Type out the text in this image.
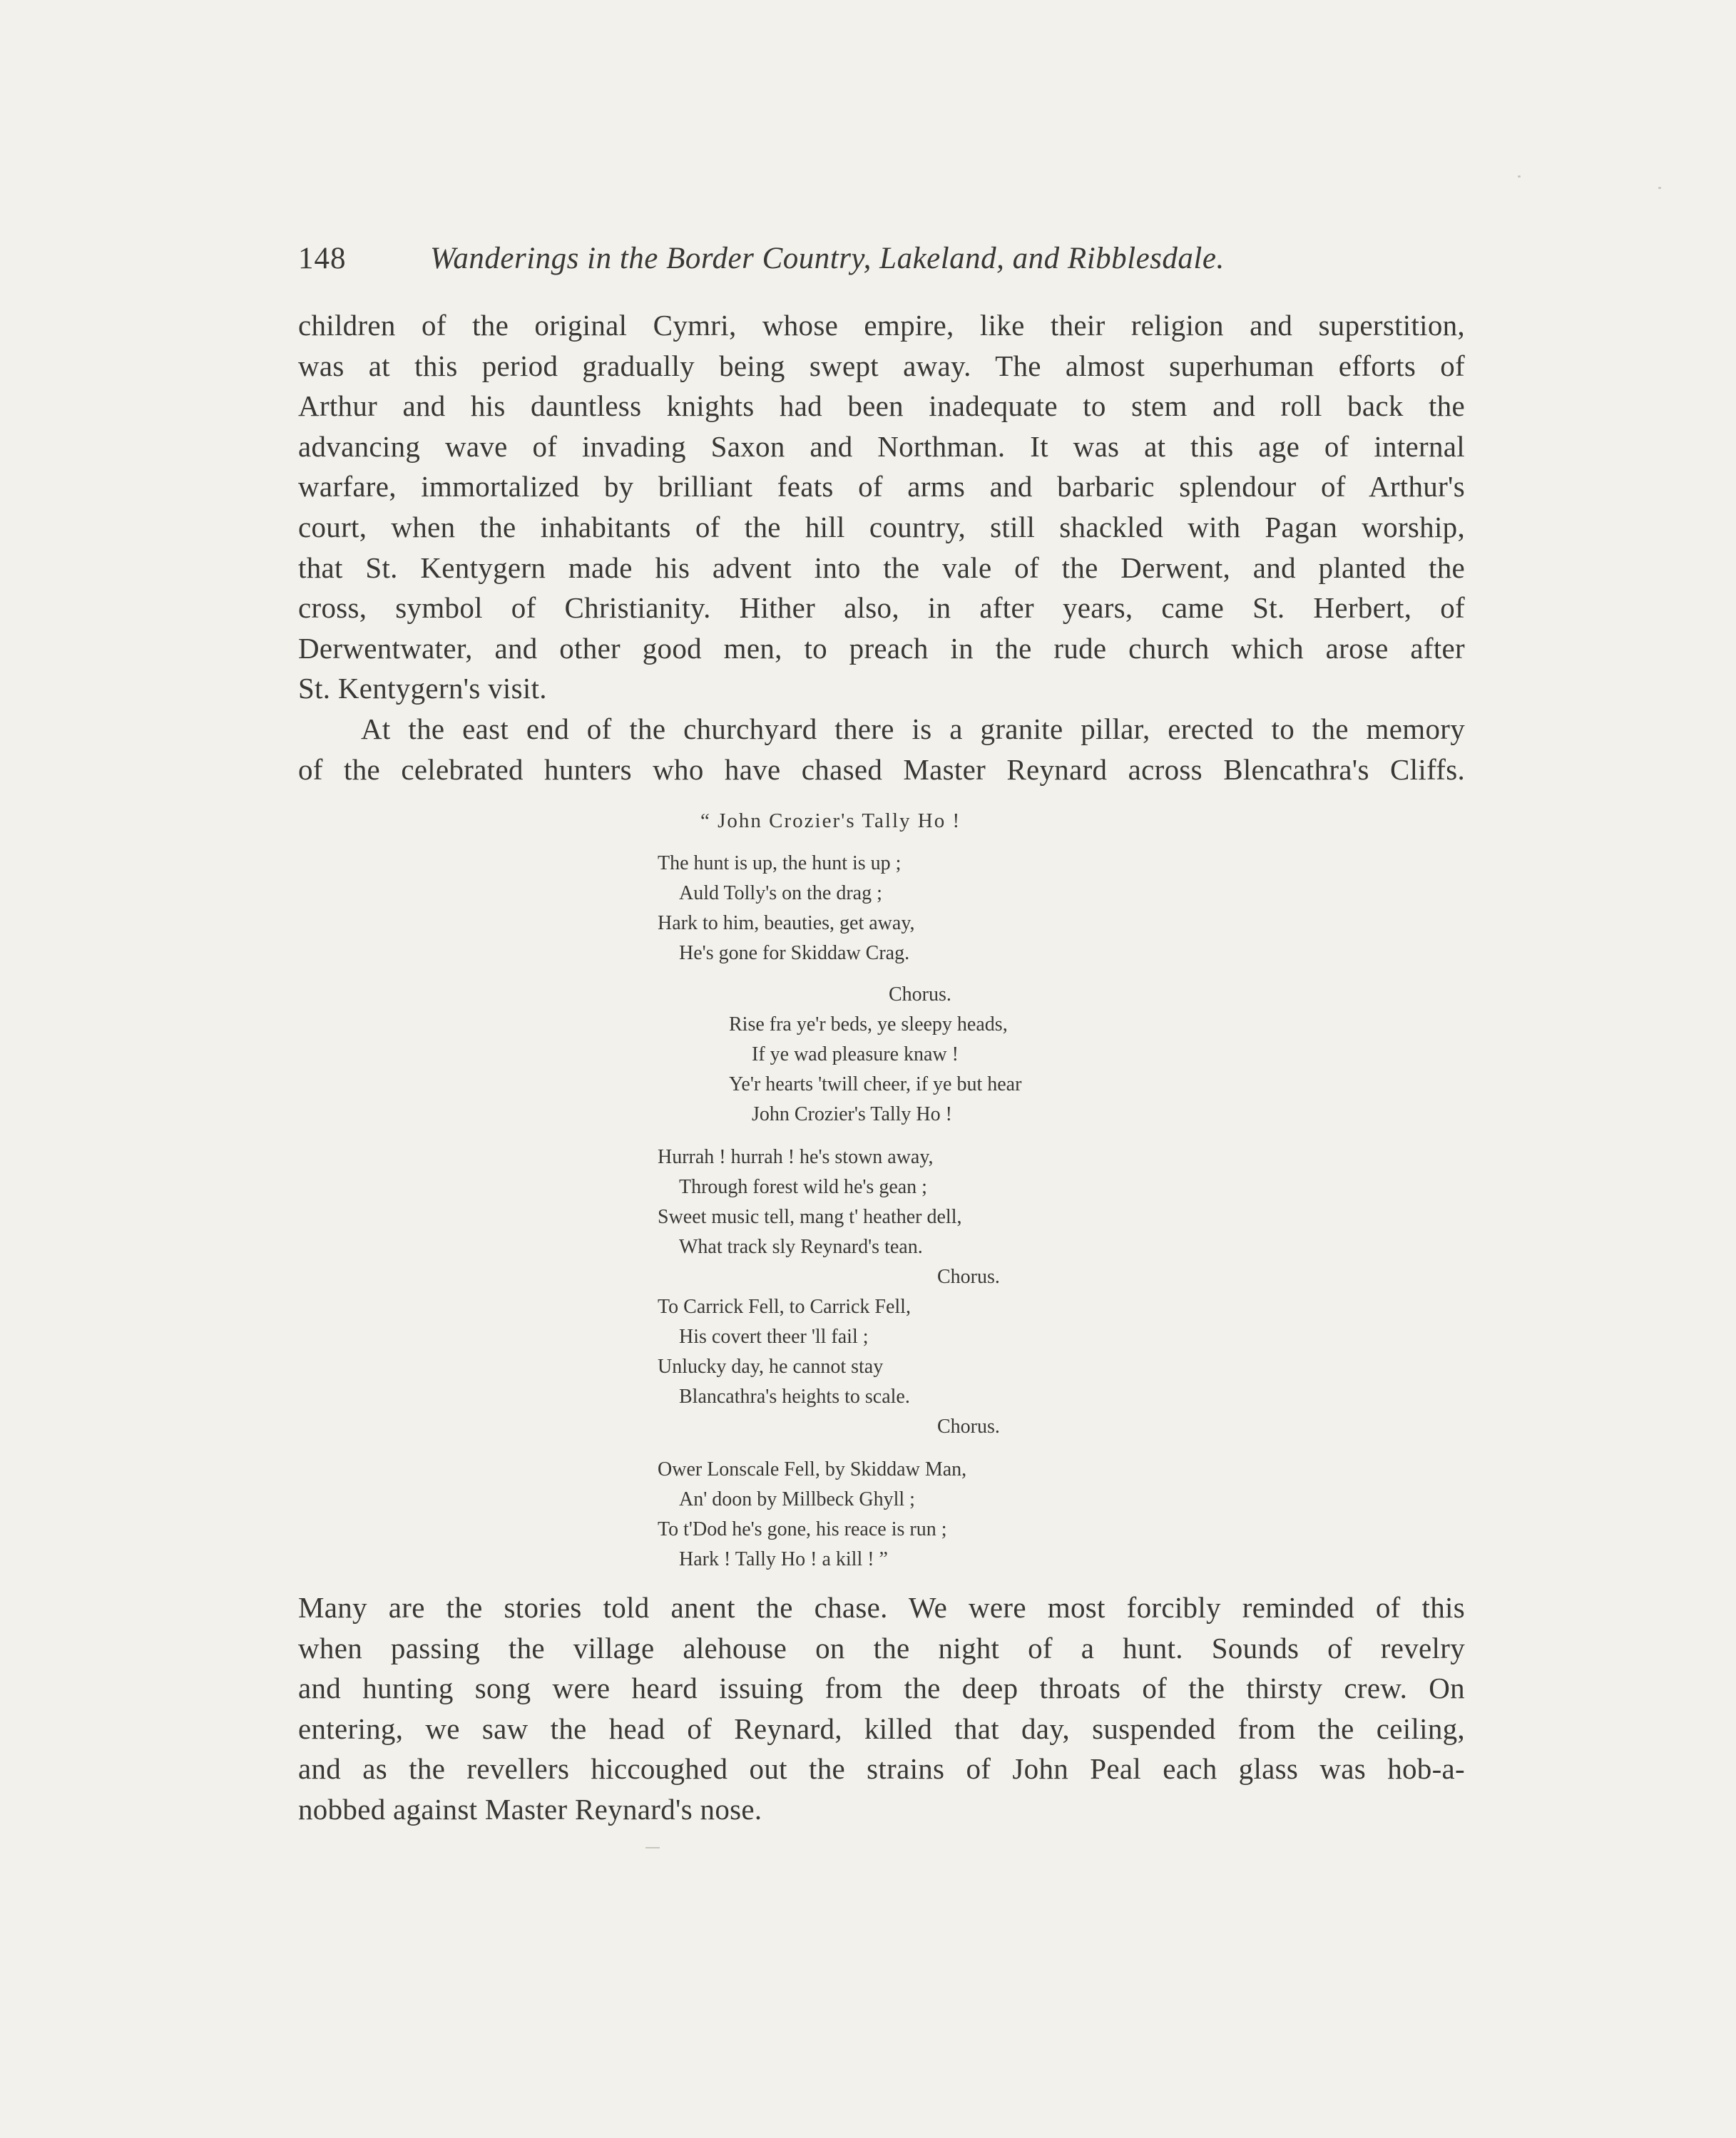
148	Wanderings in the Border Country, Lakeland, and Ribblesdale.
children of the original Cymri, whose empire, like their religion and superstition,
was at this period gradually being swept away. The almost superhuman efforts of
Arthur and his dauntless knights had been inadequate to stem and roll back the
advancing wave of invading Saxon and Northman. It was at this age of internal
warfare, immortalized by brilliant feats of arms and barbaric splendour of Arthur's
court, when the inhabitants of the hill country, still shackled with Pagan worship,
that St. Kentygern made his advent into the vale of the Derwent, and planted the
cross, symbol of Christianity. Hither also, in after years, came St. Herbert, of
Derwentwater, and other good men, to preach in the rude church which arose after
St. Kentygern's visit.
At the east end of the churchyard there is a granite pillar, erected to the memory
of the celebrated hunters who have chased Master Reynard across Blencathra's Cliffs.
“ John Crozier's Tally Ho !
The hunt is up, the hunt is up ;
Auld Tolly's on the drag ;
Hark to him, beauties, get away,
He's gone for Skiddaw Crag.
Chorus.
Rise fra ye'r beds, ye sleepy heads,
If ye wad pleasure knaw !
Ye'r hearts 'twill cheer, if ye but hear
John Crozier's Tally Ho !
Hurrah ! hurrah ! he's stown away,
Through forest wild he's gean ;
Sweet music tell, mang t' heather dell,
What track sly Reynard's tean.
Chorus.
To Carrick Fell, to Carrick Fell,
His covert theer 'll fail ;
Unlucky day, he cannot stay
Blancathra's heights to scale.
Chorus.
Ower Lonscale Fell, by Skiddaw Man,
An' doon by Millbeck Ghyll ;
To t'Dod he's gone, his reace is run ;
Hark ! Tally Ho ! a kill ! ”
Many are the stories told anent the chase. We were most forcibly reminded of this
when passing the village alehouse on the night of a hunt. Sounds of revelry
and hunting song were heard issuing from the deep throats of the thirsty crew. On
entering, we saw the head of Reynard, killed that day, suspended from the ceiling,
and as the revellers hiccoughed out the strains of John Peal each glass was hob-a-
nobbed against Master Reynard's nose.
